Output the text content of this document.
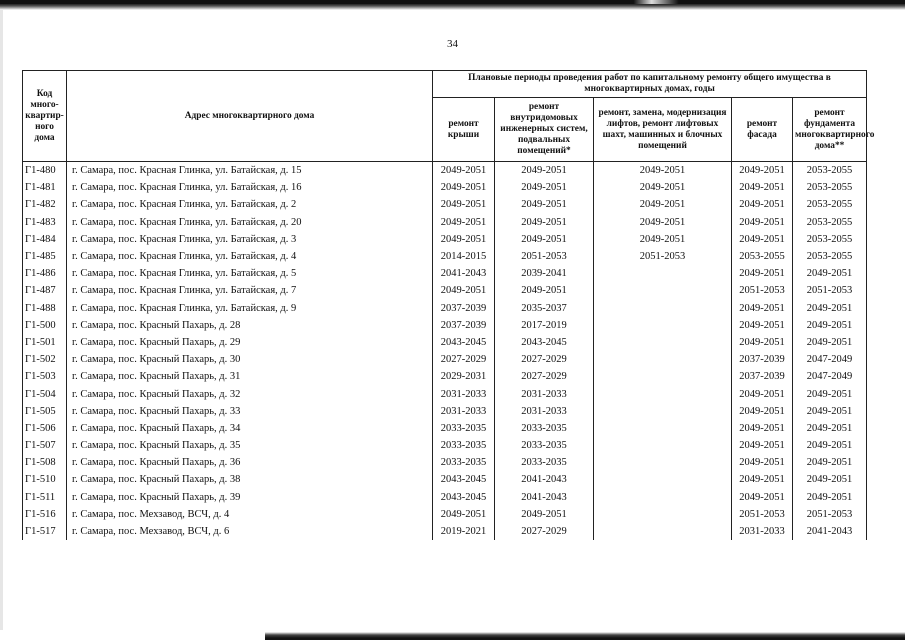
34
Код много-квартир-ного дома	Адрес многоквартирного дома	Плановые периоды проведения работ по капитальному ремонту общего имущества в многоквартирных домах, годы				
		ремонт крыши	ремонт внутридомовых инженерных систем, подвальных помещений*	ремонт, замена, модернизация лифтов, ремонт лифтовых шахт, машинных и блочных помещений	ремонт фасада	ремонт фундамента многоквартирного дома**
Г1-480	г. Самара, пос. Красная Глинка, ул. Батайская, д. 15	2049-2051	2049-2051	2049-2051	2049-2051	2053-2055
Г1-481	г. Самара, пос. Красная Глинка, ул. Батайская, д. 16	2049-2051	2049-2051	2049-2051	2049-2051	2053-2055
Г1-482	г. Самара, пос. Красная Глинка, ул. Батайская, д. 2	2049-2051	2049-2051	2049-2051	2049-2051	2053-2055
Г1-483	г. Самара, пос. Красная Глинка, ул. Батайская, д. 20	2049-2051	2049-2051	2049-2051	2049-2051	2053-2055
Г1-484	г. Самара, пос. Красная Глинка, ул. Батайская, д. 3	2049-2051	2049-2051	2049-2051	2049-2051	2053-2055
Г1-485	г. Самара, пос. Красная Глинка, ул. Батайская, д. 4	2014-2015	2051-2053	2051-2053	2053-2055	2053-2055
Г1-486	г. Самара, пос. Красная Глинка, ул. Батайская, д. 5	2041-2043	2039-2041		2049-2051	2049-2051
Г1-487	г. Самара, пос. Красная Глинка, ул. Батайская, д. 7	2049-2051	2049-2051		2051-2053	2051-2053
Г1-488	г. Самара, пос. Красная Глинка, ул. Батайская, д. 9	2037-2039	2035-2037		2049-2051	2049-2051
Г1-500	г. Самара, пос. Красный Пахарь, д. 28	2037-2039	2017-2019		2049-2051	2049-2051
Г1-501	г. Самара, пос. Красный Пахарь, д. 29	2043-2045	2043-2045		2049-2051	2049-2051
Г1-502	г. Самара, пос. Красный Пахарь, д. 30	2027-2029	2027-2029		2037-2039	2047-2049
Г1-503	г. Самара, пос. Красный Пахарь, д. 31	2029-2031	2027-2029		2037-2039	2047-2049
Г1-504	г. Самара, пос. Красный Пахарь, д. 32	2031-2033	2031-2033		2049-2051	2049-2051
Г1-505	г. Самара, пос. Красный Пахарь, д. 33	2031-2033	2031-2033		2049-2051	2049-2051
Г1-506	г. Самара, пос. Красный Пахарь, д. 34	2033-2035	2033-2035		2049-2051	2049-2051
Г1-507	г. Самара, пос. Красный Пахарь, д. 35	2033-2035	2033-2035		2049-2051	2049-2051
Г1-508	г. Самара, пос. Красный Пахарь, д. 36	2033-2035	2033-2035		2049-2051	2049-2051
Г1-510	г. Самара, пос. Красный Пахарь, д. 38	2043-2045	2041-2043		2049-2051	2049-2051
Г1-511	г. Самара, пос. Красный Пахарь, д. 39	2043-2045	2041-2043		2049-2051	2049-2051
Г1-516	г. Самара, пос. Мехзавод, ВСЧ, д. 4	2049-2051	2049-2051		2051-2053	2051-2053
Г1-517	г. Самара, пос. Мехзавод, ВСЧ, д. 6	2019-2021	2027-2029		2031-2033	2041-2043
